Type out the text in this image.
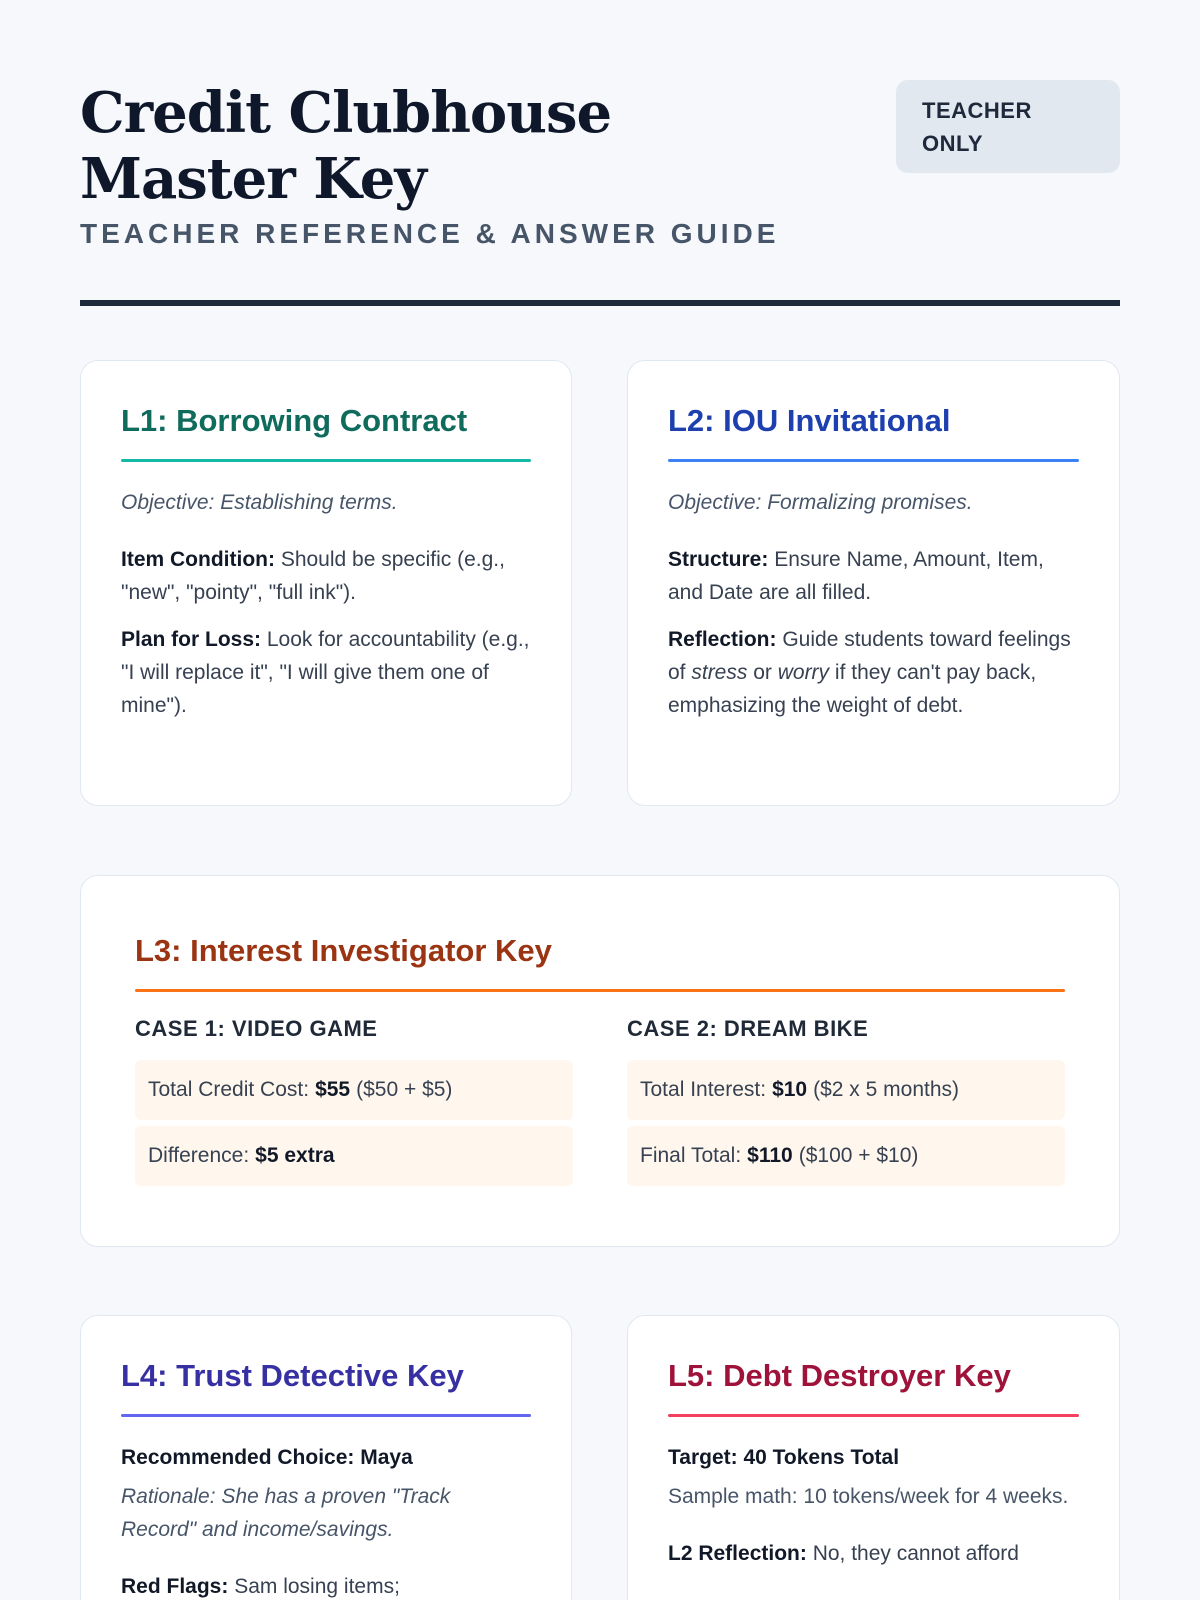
Credit Clubhouse Master Key
TEACHER REFERENCE & ANSWER GUIDE
TEACHER ONLY
L1: Borrowing Contract

Objective: Establishing terms.

Item Condition: Should be specific (e.g., "new", "pointy", "full ink").

Plan for Loss: Look for accountability (e.g., "I will replace it", "I will give them one of mine").

L2: IOU Invitational

Objective: Formalizing promises.

Structure: Ensure Name, Amount, Item, and Date are all filled.

Reflection: Guide students toward feelings of stress or worry if they can't pay back, emphasizing the weight of debt.

L3: Interest Investigator Key
CASE 1: VIDEO GAME
Total Credit Cost: $55 ($50 + $5)
Difference: $5 extra
CASE 2: DREAM BIKE
Total Interest: $10 ($2 x 5 months)
Final Total: $110 ($100 + $10)
L4: Trust Detective Key

Recommended Choice: Maya

Rationale: She has a proven "Track Record" and income/savings.

Red Flags: Sam losing items;

L5: Debt Destroyer Key

Target: 40 Tokens Total

Sample math: 10 tokens/week for 4 weeks.

L2 Reflection: No, they cannot afford
